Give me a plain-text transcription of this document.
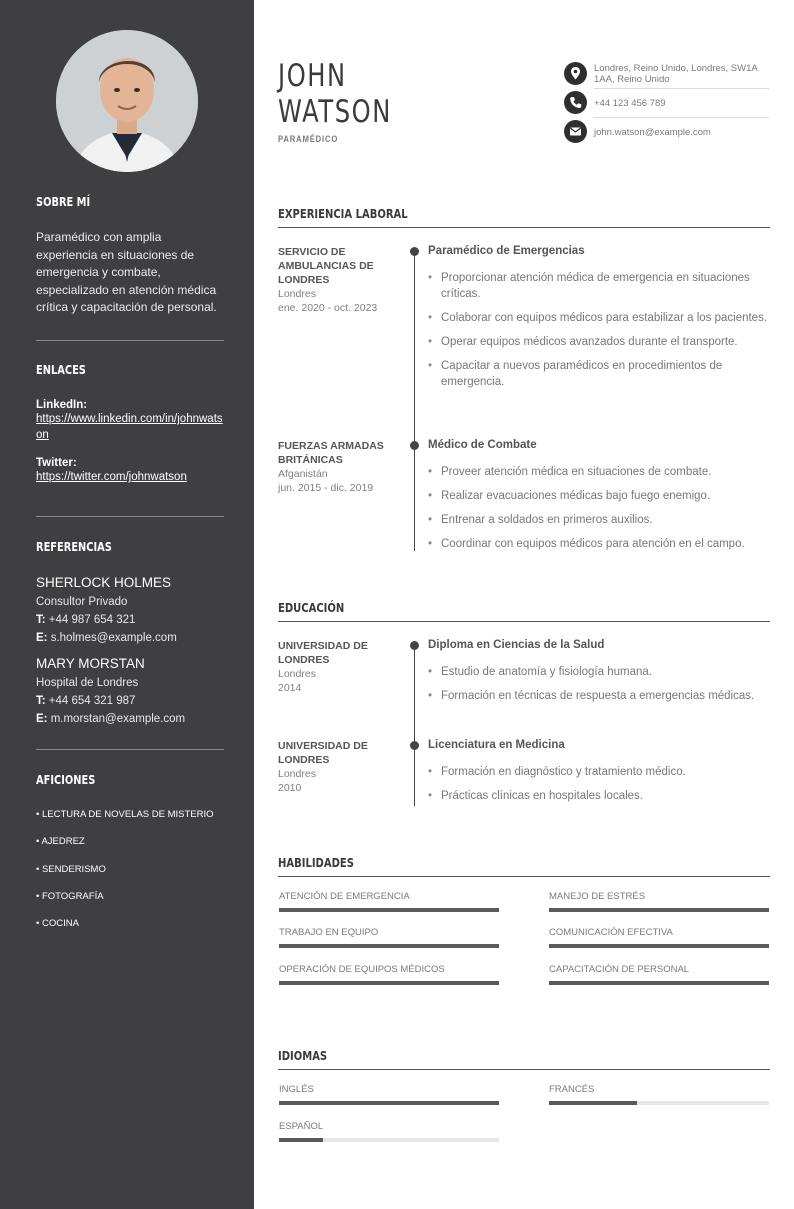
SOBRE MÍ
Paramédico con amplia experiencia en situaciones de emergencia y combate, especializado en atención médica crítica y capacitación de personal.
ENLACES
LinkedIn:
https://www.linkedin.com/in/johnwatson
Twitter:
https://twitter.com/johnwatson
REFERENCIAS
SHERLOCK HOLMES
Consultor Privado
T: +44 987 654 321
E: s.holmes@example.com
MARY MORSTAN
Hospital de Londres
T: +44 654 321 987
E: m.morstan@example.com
AFICIONES
• LECTURA DE NOVELAS DE MISTERIO
• AJEDREZ
• SENDERISMO
• FOTOGRAFÍA
• COCINA
JOHN
WATSON
PARAMÉDICO
Londres, Reino Unido, Londres, SW1A 1AA, Reino Unido
+44 123 456 789
john.watson@example.com
EXPERIENCIA LABORAL
SERVICIO DE AMBULANCIAS DE LONDRES
Londres
ene. 2020 - oct. 2023
Paramédico de Emergencias
• Proporcionar atención médica de emergencia en situaciones críticas.
• Colaborar con equipos médicos para estabilizar a los pacientes.
• Operar equipos médicos avanzados durante el transporte.
• Capacitar a nuevos paramédicos en procedimientos de emergencia.
FUERZAS ARMADAS BRITÁNICAS
Afganistán
jun. 2015 - dic. 2019
Médico de Combate
• Proveer atención médica en situaciones de combate.
• Realizar evacuaciones médicas bajo fuego enemigo.
• Entrenar a soldados en primeros auxilios.
• Coordinar con equipos médicos para atención en el campo.
EDUCACIÓN
UNIVERSIDAD DE LONDRES
Londres
2014
Diploma en Ciencias de la Salud
• Estudio de anatomía y fisiología humana.
• Formación en técnicas de respuesta a emergencias médicas.
UNIVERSIDAD DE LONDRES
Londres
2010
Licenciatura en Medicina
• Formación en diagnóstico y tratamiento médico.
• Prácticas clínicas en hospitales locales.
HABILIDADES
ATENCIÓN DE EMERGENCIA	MANEJO DE ESTRÉS
TRABAJO EN EQUIPO	COMUNICACIÓN EFECTIVA
OPERACIÓN DE EQUIPOS MÉDICOS	CAPACITACIÓN DE PERSONAL
IDIOMAS
INGLÉS	FRANCÉS
ESPAÑOL
